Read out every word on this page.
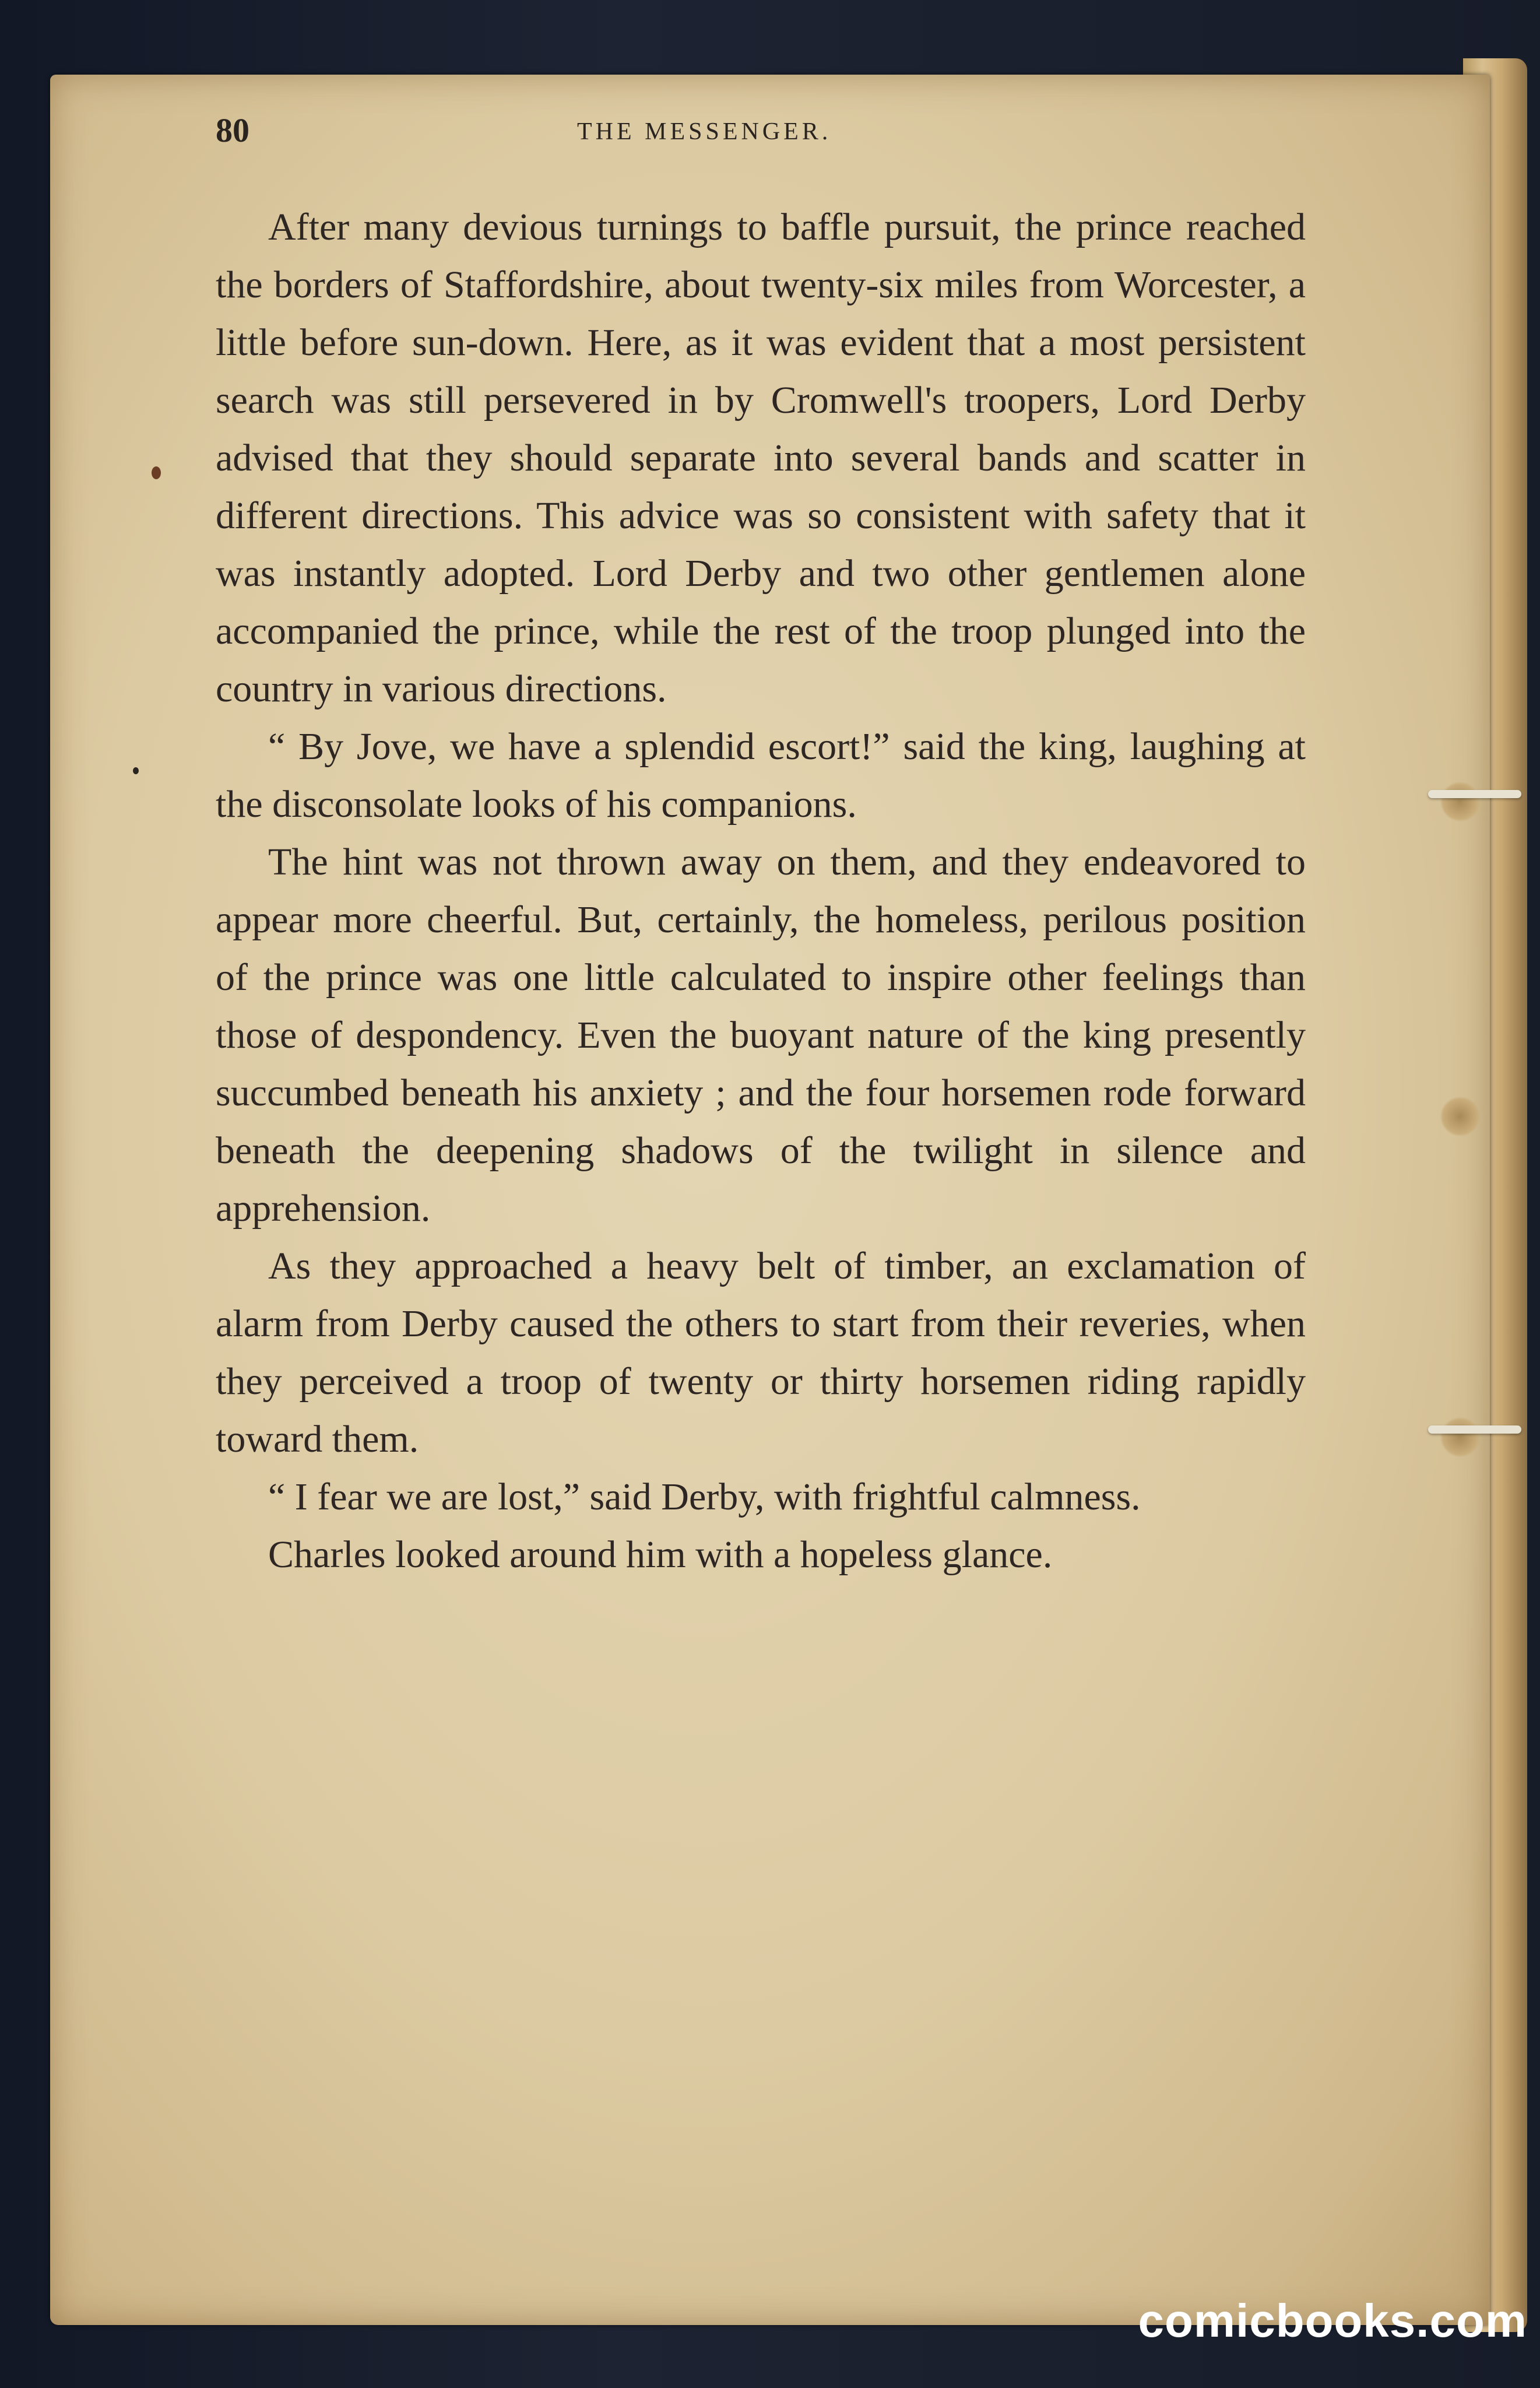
80	THE MESSENGER.

After many devious turnings to baffle pursuit, the prince reached the borders of Staffordshire, about twenty-six miles from Worcester, a little before sun-down. Here, as it was evident that a most persistent search was still persevered in by Cromwell's troopers, Lord Derby advised that they should separate into several bands and scatter in different directions. This advice was so consistent with safety that it was instantly adopted. Lord Derby and two other gentlemen alone accompanied the prince, while the rest of the troop plunged into the country in various directions.

“ By Jove, we have a splendid escort!” said the king, laughing at the disconsolate looks of his companions.

The hint was not thrown away on them, and they endeavored to appear more cheerful. But, certainly, the homeless, perilous position of the prince was one little calculated to inspire other feelings than those of despondency. Even the buoyant nature of the king presently succumbed beneath his anxiety ; and the four horsemen rode forward beneath the deepening shadows of the twilight in silence and apprehension.

As they approached a heavy belt of timber, an exclamation of alarm from Derby caused the others to start from their reveries, when they perceived a troop of twenty or thirty horsemen riding rapidly toward them.

“ I fear we are lost,” said Derby, with frightful calmness.

Charles looked around him with a hopeless glance.

comicbooks.com
